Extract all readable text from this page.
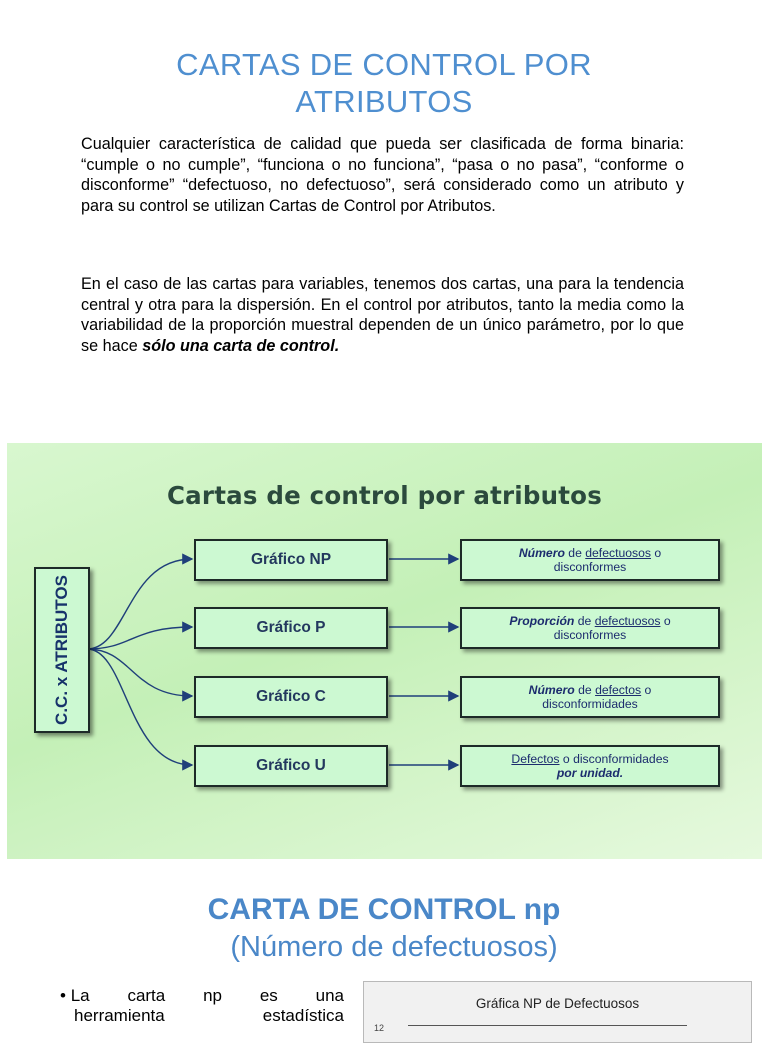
CARTAS DE CONTROL POR
ATRIBUTOS
Cualquier característica de calidad que pueda ser clasificada de forma binaria: “cumple o no cumple”, “funciona o no funciona”, “pasa o no pasa”, “conforme o disconforme” “defectuoso, no defectuoso”, será considerado como un atributo y para su control se utilizan Cartas de Control por Atributos.
En el caso de las cartas para variables, tenemos dos cartas, una para la tendencia central y otra para la dispersión. En el control por atributos, tanto la media como la variabilidad de la proporción muestral dependen de un único parámetro, por lo que se hace sólo una carta de control.
Cartas de control por atributos
C.C. x ATRIBUTOS
Gráfico NP
Gráfico P
Gráfico C
Gráfico U
Número de defectuosos o
disconformes
Proporción de defectuosos o
disconformes
Número de defectos o
disconformidades
Defectos o disconformidades
por unidad.
CARTA DE CONTROL np
(Número de defectuosos)
• La carta np es una
herramienta	estadística
Gráfica NP de Defectuosos
12
